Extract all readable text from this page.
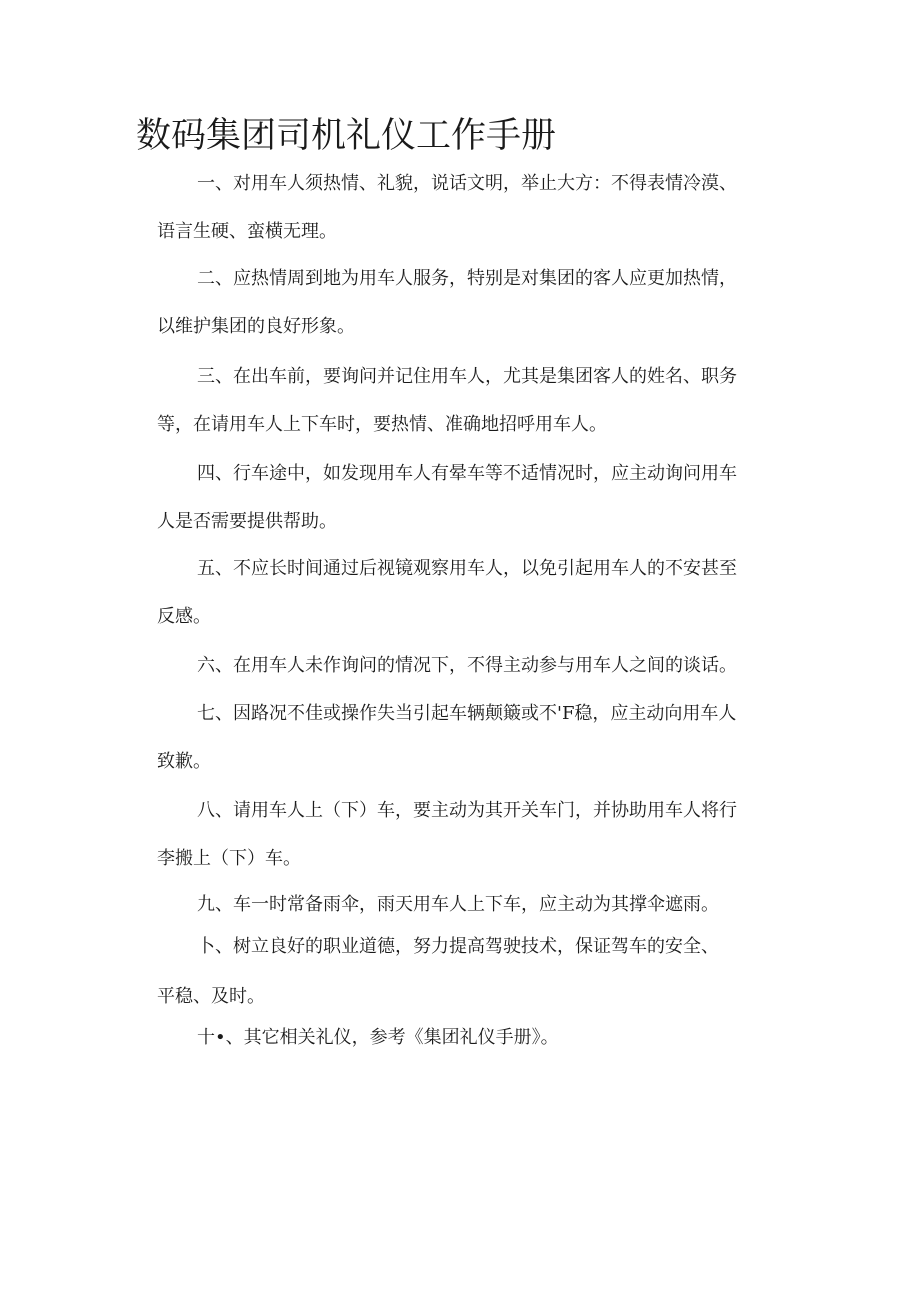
数码集团司机礼仪工作手册

一、对用车人须热情、礼貌，说话文明，举止大方：不得表情冷漠、

语言生硬、蛮横无理。

二、应热情周到地为用车人服务，特别是对集团的客人应更加热情，

以维护集团的良好形象。

三、在出车前，要询问并记住用车人，尤其是集团客人的姓名、职务

等，在请用车人上下车时，要热情、准确地招呼用车人。

四、行车途中，如发现用车人有晕车等不适情况时，应主动询问用车

人是否需要提供帮助。

五、不应长时间通过后视镜观察用车人，以免引起用车人的不安甚至

反感。

六、在用车人未作询问的情况下，不得主动参与用车人之间的谈话。

七、因路况不佳或操作失当引起车辆颠簸或不'F稳，应主动向用车人

致歉。

八、请用车人上（下）车，要主动为其开关车门，并协助用车人将行

李搬上（下）车。

九、车一时常备雨伞，雨天用车人上下车，应主动为其撑伞遮雨。

卜、树立良好的职业道德，努力提高驾驶技术，保证驾车的安全、

平稳、及时。

十•、其它相关礼仪，参考《集团礼仪手册》。
